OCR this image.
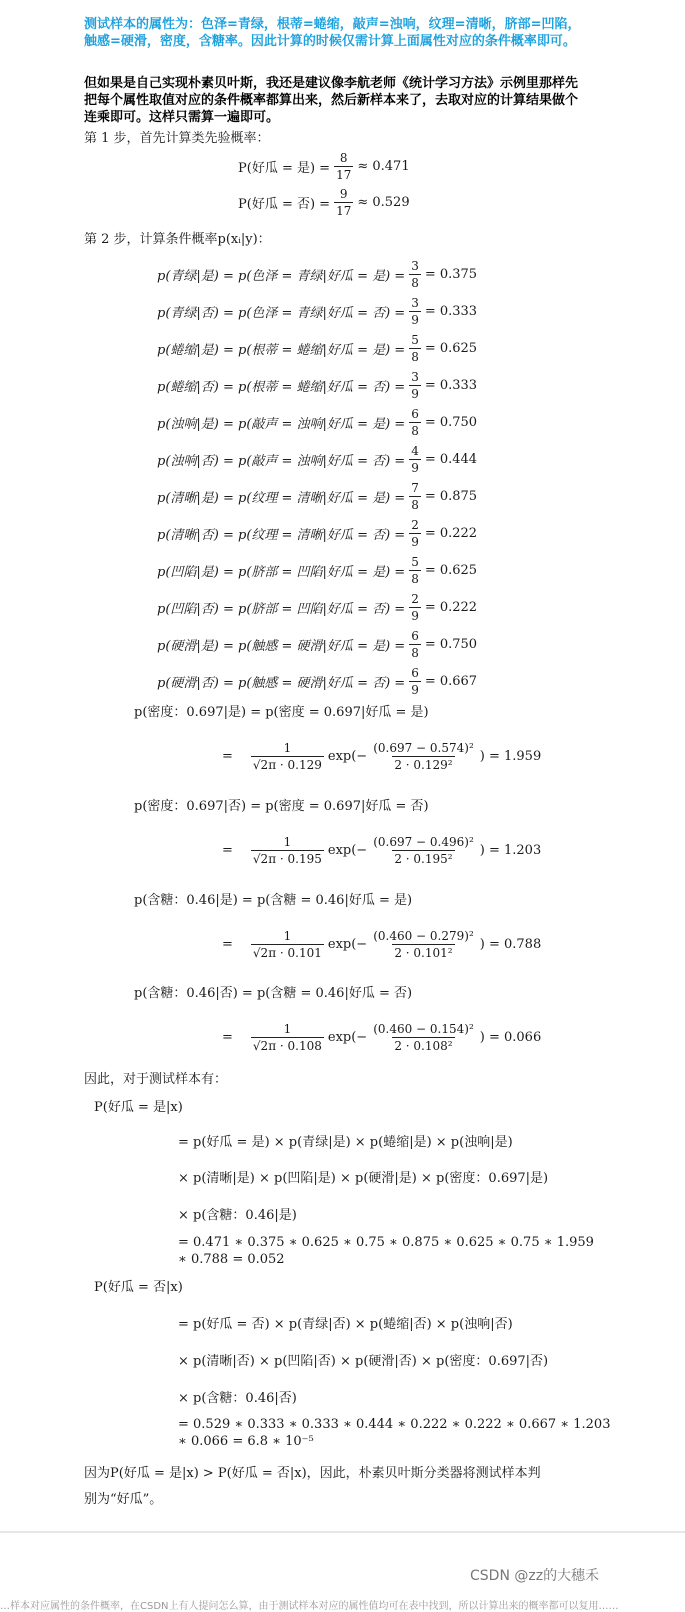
测试样本的属性为：色泽=青绿，根蒂=蜷缩，敲声=浊响，纹理=清晰，脐部=凹陷，触感=硬滑，密度，含糖率。因此计算的时候仅需计算上面属性对应的条件概率即可。
但如果是自己实现朴素贝叶斯，我还是建议像李航老师《统计学习方法》示例里那样先把每个属性取值对应的条件概率都算出来，然后新样本来了，去取对应的计算结果做个连乘即可。这样只需算一遍即可。
第 1 步，首先计算类先验概率：
P(好瓜 = 是) = $\frac{8}{17} \approx 0.471$
P(好瓜 = 否) = $\frac{9}{17} \approx 0.529$
第 2 步，计算条件概率p(xᵢ|y)：
p(青绿|是) = p(色泽 = 青绿|好瓜 = 是) = $\frac{3}{8} = 0.375$
p(青绿|否) = p(色泽 = 青绿|好瓜 = 否) = $\frac{3}{9} = 0.333$
p(蜷缩|是) = p(根蒂 = 蜷缩|好瓜 = 是) = $\frac{5}{8} = 0.625$
p(蜷缩|否) = p(根蒂 = 蜷缩|好瓜 = 否) = $\frac{3}{9} = 0.333$
p(浊响|是) = p(敲声 = 浊响|好瓜 = 是) = $\frac{6}{8} = 0.750$
p(浊响|否) = p(敲声 = 浊响|好瓜 = 否) = $\frac{4}{9} = 0.444$
p(清晰|是) = p(纹理 = 清晰|好瓜 = 是) = $\frac{7}{8} = 0.875$
p(清晰|否) = p(纹理 = 清晰|好瓜 = 否) = $\frac{2}{9} = 0.222$
p(凹陷|是) = p(脐部 = 凹陷|好瓜 = 是) = $\frac{5}{8} = 0.625$
p(凹陷|否) = p(脐部 = 凹陷|好瓜 = 否) = $\frac{2}{9} = 0.222$
p(硬滑|是) = p(触感 = 硬滑|好瓜 = 是) = $\frac{6}{8} = 0.750$
p(硬滑|否) = p(触感 = 硬滑|好瓜 = 否) = $\frac{6}{9} = 0.667$
p(密度：0.697|是) = p(密度 = 0.697|好瓜 = 是)
= $\frac{1}{√2\pi \cdot 0.129} \exp(- \frac{\text{(0.697 − 0.574)²}}{\text{2 · 0.129²}}$ ) = 1.959
p(密度：0.697|否) = p(密度 = 0.697|好瓜 = 否)
= $\frac{1}{√2\pi \cdot 0.195} \exp(- \frac{\text{(0.697 − 0.496)²}}{\text{2 · 0.195²}}$ ) = 1.203
p(含糖：0.46|是) = p(含糖 = 0.46|好瓜 = 是)
= $\frac{1}{√2\pi \cdot 0.101} \exp(- \frac{\text{(0.460 − 0.279)²}}{\text{2 · 0.101²}}$ ) = 0.788
p(含糖：0.46|否) = p(含糖 = 0.46|好瓜 = 否)
= $\frac{1}{√2\pi \cdot 0.108} \exp(- \frac{\text{(0.460 − 0.154)²}}{\text{2 · 0.108²}}$ ) = 0.066
因此，对于测试样本有：
P(好瓜 = 是|x)
= p(好瓜 = 是) × p(青绿|是) × p(蜷缩|是) × p(浊响|是)
× p(清晰|是) × p(凹陷|是) × p(硬滑|是) × p(密度：0.697|是)
× p(含糖：0.46|是)
= 0.471 ∗ 0.375 ∗ 0.625 ∗ 0.75 ∗ 0.875 ∗ 0.625 ∗ 0.75 ∗ 1.959
∗ 0.788 = 0.052
P(好瓜 = 否|x)
= p(好瓜 = 否) × p(青绿|否) × p(蜷缩|否) × p(浊响|否)
× p(清晰|否) × p(凹陷|否) × p(硬滑|否) × p(密度：0.697|否)
× p(含糖：0.46|否)
= 0.529 ∗ 0.333 ∗ 0.333 ∗ 0.444 ∗ 0.222 ∗ 0.222 ∗ 0.667 ∗ 1.203
∗ 0.066 = 6.8 ∗ 10⁻⁵
因为P(好瓜 = 是|x) > P(好瓜 = 否|x)，因此，朴素贝叶斯分类器将测试样本判
别为“好瓜”。
CSDN @zz的大穗禾
…样本对应属性的条件概率，在CSDN上有人提问怎么算，由于测试样本对应的属性值均可在表中找到，所以计算出来的概率都可以复用……
